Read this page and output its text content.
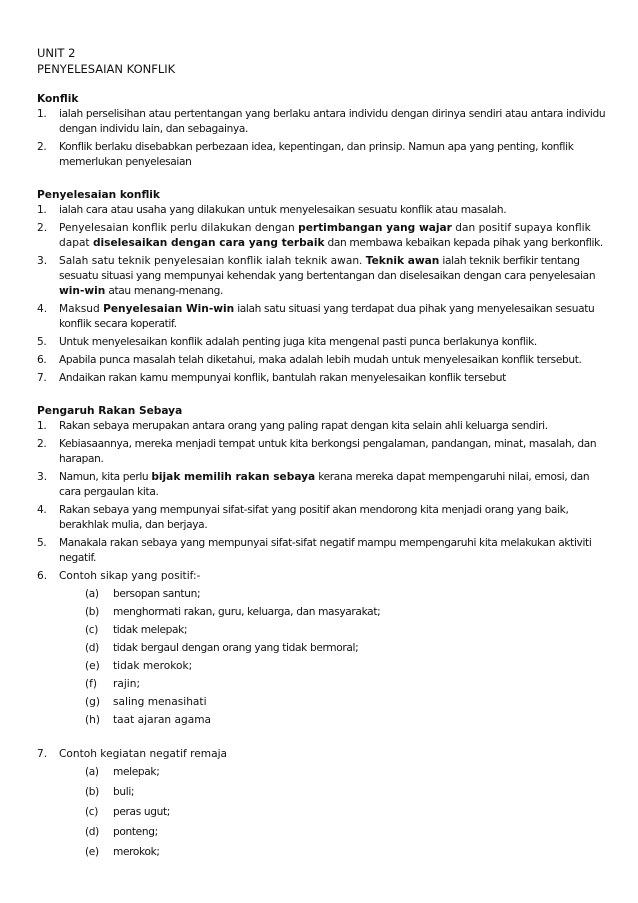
UNIT 2

PENYELESAIAN KONFLIK

Konflik

1.	ialah perselisihan atau pertentangan yang berlaku antara individu dengan dirinya sendiri atau antara individu dengan individu lain, dan sebagainya.
2.	Konflik berlaku disebabkan perbezaan idea, kepentingan, dan prinsip. Namun apa yang penting, konflik memerlukan penyelesaian

Penyelesaian konflik

1.	ialah cara atau usaha yang dilakukan untuk menyelesaikan sesuatu konflik atau masalah.
2.	Penyelesaian konflik perlu dilakukan dengan pertimbangan yang wajar dan positif supaya konflik dapat diselesaikan dengan cara yang terbaik dan membawa kebaikan kepada pihak yang berkonflik.
3.	Salah satu teknik penyelesaian konflik ialah teknik awan. Teknik awan ialah teknik berfikir tentang sesuatu situasi yang mempunyai kehendak yang bertentangan dan diselesaikan dengan cara penyelesaian win-win atau menang-menang.
4.	Maksud Penyelesaian Win-win ialah satu situasi yang terdapat dua pihak yang menyelesaikan sesuatu konflik secara koperatif.
5.	Untuk menyelesaikan konflik adalah penting juga kita mengenal pasti punca berlakunya konflik.
6.	Apabila punca masalah telah diketahui, maka adalah lebih mudah untuk menyelesaikan konflik tersebut.
7.	Andaikan rakan kamu mempunyai konflik, bantulah rakan menyelesaikan konflik tersebut

Pengaruh Rakan Sebaya

1.	Rakan sebaya merupakan antara orang yang paling rapat dengan kita selain ahli keluarga sendiri.
2.	Kebiasaannya, mereka menjadi tempat untuk kita berkongsi pengalaman, pandangan, minat, masalah, dan harapan.
3.	Namun, kita perlu bijak memilih rakan sebaya kerana mereka dapat mempengaruhi nilai, emosi, dan cara pergaulan kita.
4.	Rakan sebaya yang mempunyai sifat-sifat yang positif akan mendorong kita menjadi orang yang baik, berakhlak mulia, dan berjaya.
5.	Manakala rakan sebaya yang mempunyai sifat-sifat negatif mampu mempengaruhi kita melakukan aktiviti negatif.
6.	Contoh sikap yang positif:-
(a)	bersopan santun;
(b)	menghormati rakan, guru, keluarga, dan masyarakat;
(c)	tidak melepak;
(d)	tidak bergaul dengan orang yang tidak bermoral;
(e)	tidak merokok;
(f)	rajin;
(g)	saling menasihati
(h)	taat ajaran agama
7.	Contoh kegiatan negatif remaja
(a)	melepak;
(b)	buli;
(c)	peras ugut;
(d)	ponteng;
(e)	merokok;
